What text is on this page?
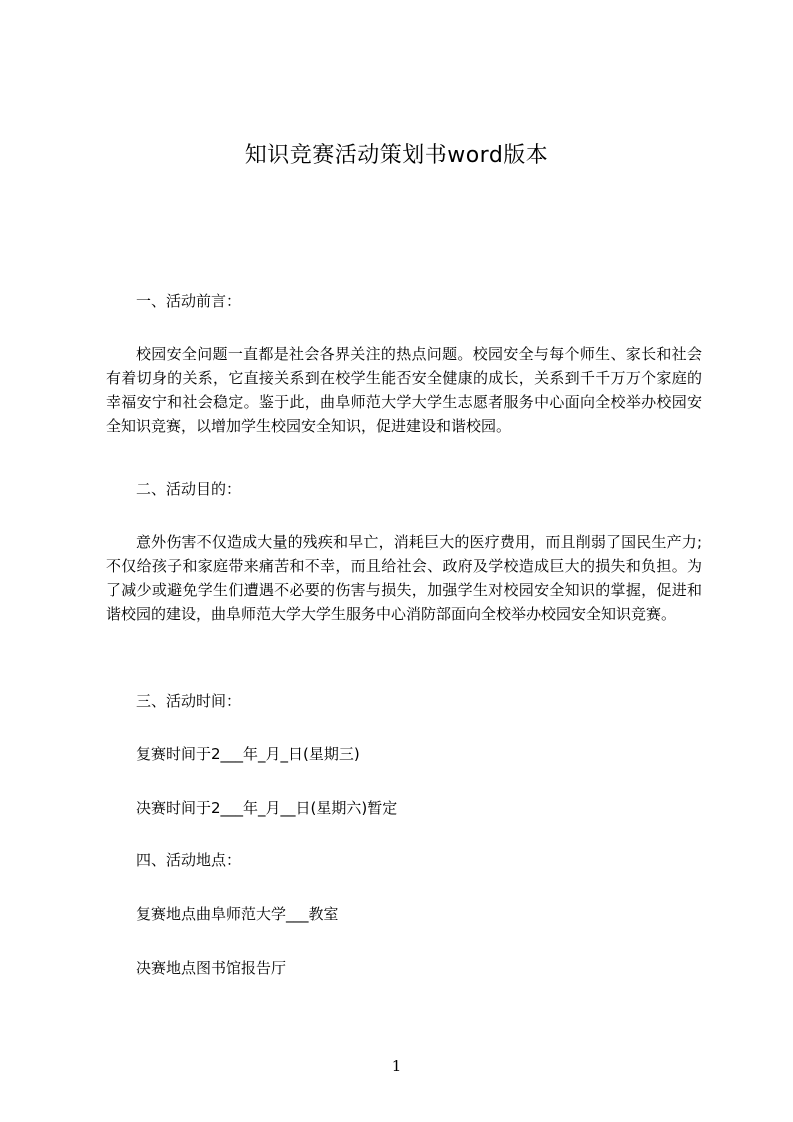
知识竞赛活动策划书word版本
一、活动前言：

校园安全问题一直都是社会各界关注的热点问题。校园安全与每个师生、家长和社会有着切身的关系，它直接关系到在校学生能否安全健康的成长，关系到千千万万个家庭的幸福安宁和社会稳定。鉴于此，曲阜师范大学大学生志愿者服务中心面向全校举办校园安全知识竞赛，以增加学生校园安全知识，促进建设和谐校园。

二、活动目的：

意外伤害不仅造成大量的残疾和早亡，消耗巨大的医疗费用，而且削弱了国民生产力;不仅给孩子和家庭带来痛苦和不幸，而且给社会、政府及学校造成巨大的损失和负担。为了减少或避免学生们遭遇不必要的伤害与损失，加强学生对校园安全知识的掌握，促进和谐校园的建设，曲阜师范大学大学生服务中心消防部面向全校举办校园安全知识竞赛。

三、活动时间：
复赛时间于2___年_月_日(星期三)
决赛时间于2___年_月__日(星期六)暂定
四、活动地点：
复赛地点曲阜师范大学___教室
决赛地点图书馆报告厅
1
